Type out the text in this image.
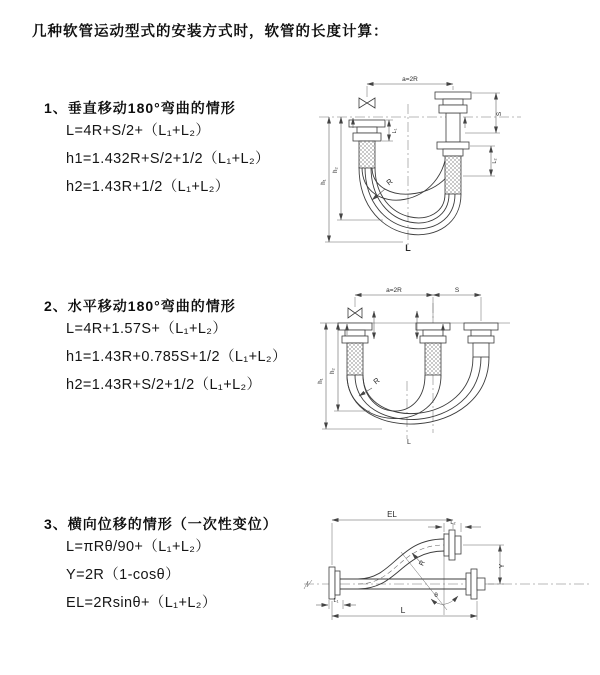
几种软管运动型式的安装方式时，软管的长度计算：
1、垂直移动180°弯曲的情形
L=4R+S/2+（L₁+L₂）
h1=1.432R+S/2+1/2（L₁+L₂）
h2=1.43R+1/2（L₁+L₂）
2、水平移动180°弯曲的情形
L=4R+1.57S+（L₁+L₂）
h1=1.43R+0.785S+1/2（L₁+L₂）
h2=1.43R+S/2+1/2（L₁+L₂）
3、横向位移的情形（一次性变位）
L=πRθ/90+（L₁+L₂）
Y=2R（1-cosθ）
EL=2Rsinθ+（L₁+L₂）
a=2R
L₁
h₁
h₂
R
S
L₂
L
a=2R	S
h₁
h₂
R
L
EL
L₂
Y
R
θ
L
L₁
